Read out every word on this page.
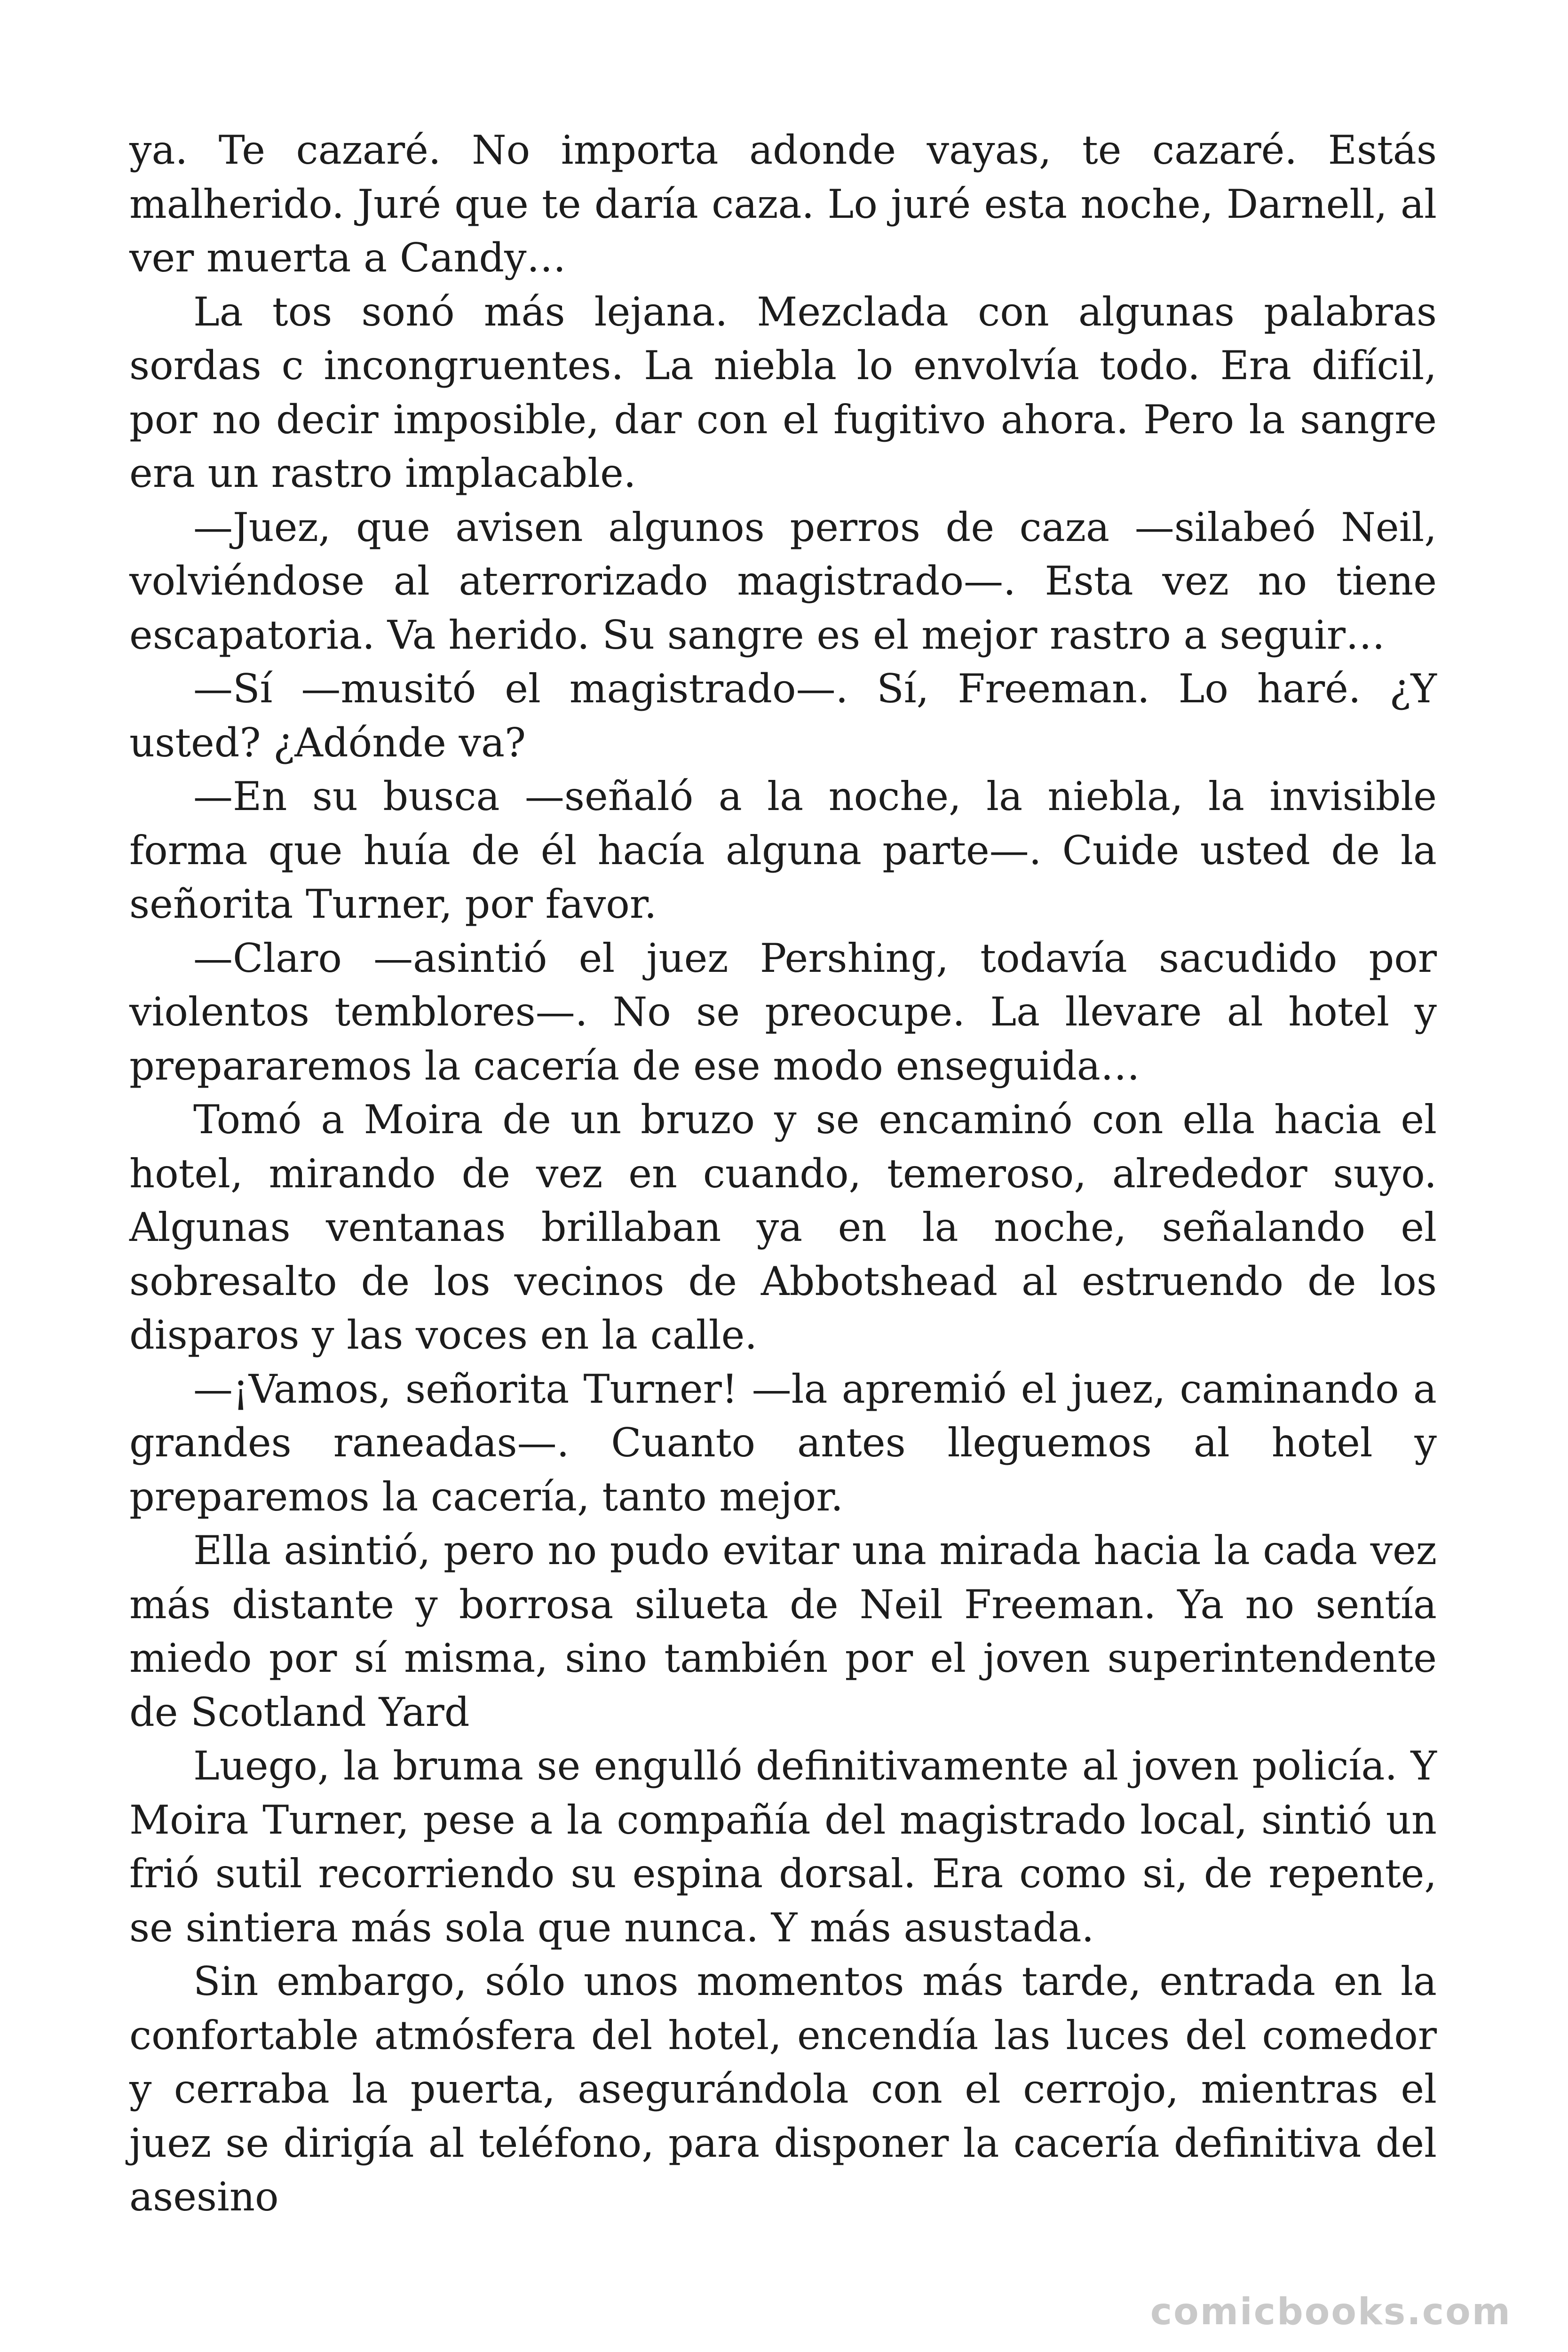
ya. Te cazaré. No importa adonde vayas, te cazaré. Estás malherido. Juré que te daría caza. Lo juré esta noche, Darnell, al ver muerta a Candy…

La tos sonó más lejana. Mezclada con algunas palabras sordas c incongruentes. La niebla lo envolvía todo. Era difícil, por no decir imposible, dar con el fugitivo ahora. Pero la sangre era un rastro implacable.

—Juez, que avisen algunos perros de caza —silabeó Neil, volviéndose al aterrorizado magistrado—. Esta vez no tiene escapatoria. Va herido. Su sangre es el mejor rastro a seguir…

—Sí —musitó el magistrado—. Sí, Freeman. Lo haré. ¿Y usted? ¿Adónde va?

—En su busca —señaló a la noche, la niebla, la invisible forma que huía de él hacía alguna parte—. Cuide usted de la señorita Turner, por favor.

—Claro —asintió el juez Pershing, todavía sacudido por violentos temblores—. No se preocupe. La llevare al hotel y prepararemos la cacería de ese modo enseguida…

Tomó a Moira de un bruzo y se encaminó con ella hacia el hotel, mirando de vez en cuando, temeroso, alrededor suyo. Algunas ventanas brillaban ya en la noche, señalando el sobresalto de los vecinos de Abbotshead al estruendo de los disparos y las voces en la calle.

—¡Vamos, señorita Turner! —la apremió el juez, caminando a grandes raneadas—. Cuanto antes lleguemos al hotel y preparemos la cacería, tanto mejor.

Ella asintió, pero no pudo evitar una mirada hacia la cada vez más distante y borrosa silueta de Neil Freeman. Ya no sentía miedo por sí misma, sino también por el joven superintendente de Scotland Yard

Luego, la bruma se engulló definitivamente al joven policía. Y Moira Turner, pese a la compañía del magistrado local, sintió un frió sutil recorriendo su espina dorsal. Era como si, de repente, se sintiera más sola que nunca. Y más asustada.

Sin embargo, sólo unos momentos más tarde, entrada en la confortable atmósfera del hotel, encendía las luces del comedor y cerraba la puerta, asegurándola con el cerrojo, mientras el juez se dirigía al teléfono, para disponer la cacería definitiva del asesino

comicbooks.com
